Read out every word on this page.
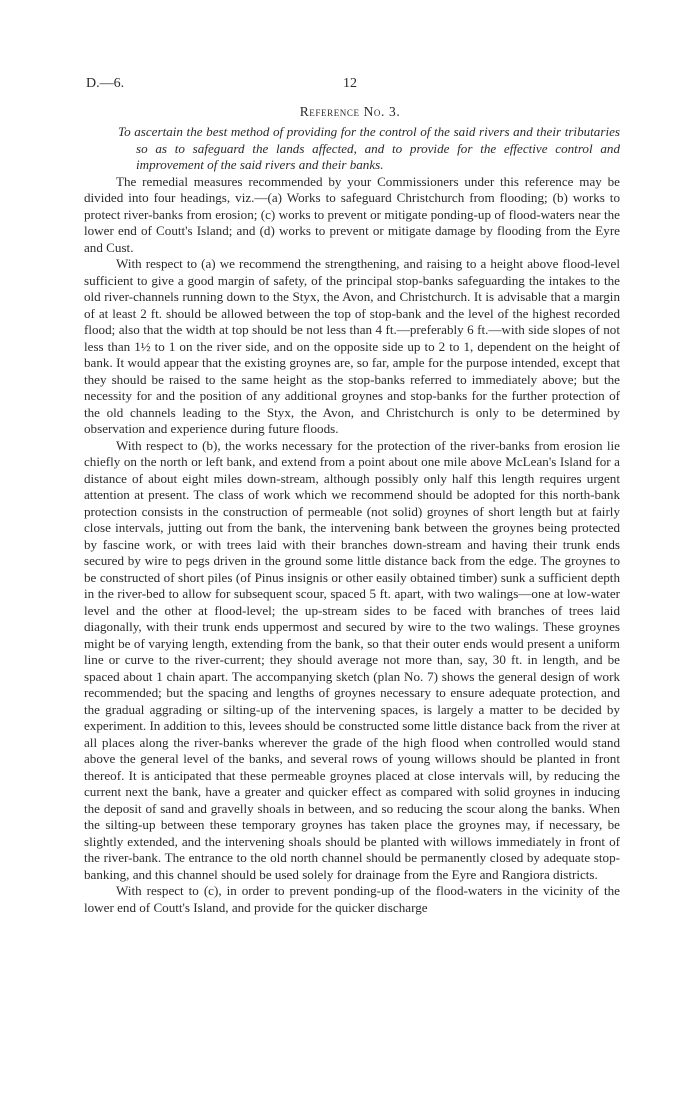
D.—6.	12
Reference No. 3.

To ascertain the best method of providing for the control of the said rivers and their tributaries so as to safeguard the lands affected, and to provide for the effective control and improvement of the said rivers and their banks.

The remedial measures recommended by your Commissioners under this reference may be divided into four headings, viz.—(a) Works to safeguard Christchurch from flooding; (b) works to protect river-banks from erosion; (c) works to prevent or mitigate ponding-up of flood-waters near the lower end of Coutt's Island; and (d) works to prevent or mitigate damage by flooding from the Eyre and Cust.

With respect to (a) we recommend the strengthening, and raising to a height above flood-level sufficient to give a good margin of safety, of the principal stop-banks safeguarding the intakes to the old river-channels running down to the Styx, the Avon, and Christchurch. It is advisable that a margin of at least 2 ft. should be allowed between the top of stop-bank and the level of the highest recorded flood; also that the width at top should be not less than 4 ft.—preferably 6 ft.—with side slopes of not less than 1½ to 1 on the river side, and on the opposite side up to 2 to 1, dependent on the height of bank. It would appear that the existing groynes are, so far, ample for the purpose intended, except that they should be raised to the same height as the stop-banks referred to immediately above; but the necessity for and the position of any additional groynes and stop-banks for the further protection of the old channels leading to the Styx, the Avon, and Christchurch is only to be determined by observation and experience during future floods.

With respect to (b), the works necessary for the protection of the river-banks from erosion lie chiefly on the north or left bank, and extend from a point about one mile above McLean's Island for a distance of about eight miles down-stream, although possibly only half this length requires urgent attention at present. The class of work which we recommend should be adopted for this north-bank protection consists in the construction of permeable (not solid) groynes of short length but at fairly close intervals, jutting out from the bank, the intervening bank between the groynes being protected by fascine work, or with trees laid with their branches down-stream and having their trunk ends secured by wire to pegs driven in the ground some little distance back from the edge. The groynes to be constructed of short piles (of Pinus insignis or other easily obtained timber) sunk a sufficient depth in the river-bed to allow for subsequent scour, spaced 5 ft. apart, with two walings—one at low-water level and the other at flood-level; the up-stream sides to be faced with branches of trees laid diagonally, with their trunk ends uppermost and secured by wire to the two walings. These groynes might be of varying length, extending from the bank, so that their outer ends would present a uniform line or curve to the river-current; they should average not more than, say, 30 ft. in length, and be spaced about 1 chain apart. The accompanying sketch (plan No. 7) shows the general design of work recommended; but the spacing and lengths of groynes necessary to ensure adequate protection, and the gradual aggrading or silting-up of the intervening spaces, is largely a matter to be decided by experiment. In addition to this, levees should be constructed some little distance back from the river at all places along the river-banks wherever the grade of the high flood when controlled would stand above the general level of the banks, and several rows of young willows should be planted in front thereof. It is anticipated that these permeable groynes placed at close intervals will, by reducing the current next the bank, have a greater and quicker effect as compared with solid groynes in inducing the deposit of sand and gravelly shoals in between, and so reducing the scour along the banks. When the silting-up between these temporary groynes has taken place the groynes may, if necessary, be slightly extended, and the intervening shoals should be planted with willows immediately in front of the river-bank. The entrance to the old north channel should be permanently closed by adequate stop-banking, and this channel should be used solely for drainage from the Eyre and Rangiora districts.

With respect to (c), in order to prevent ponding-up of the flood-waters in the vicinity of the lower end of Coutt's Island, and provide for the quicker discharge
